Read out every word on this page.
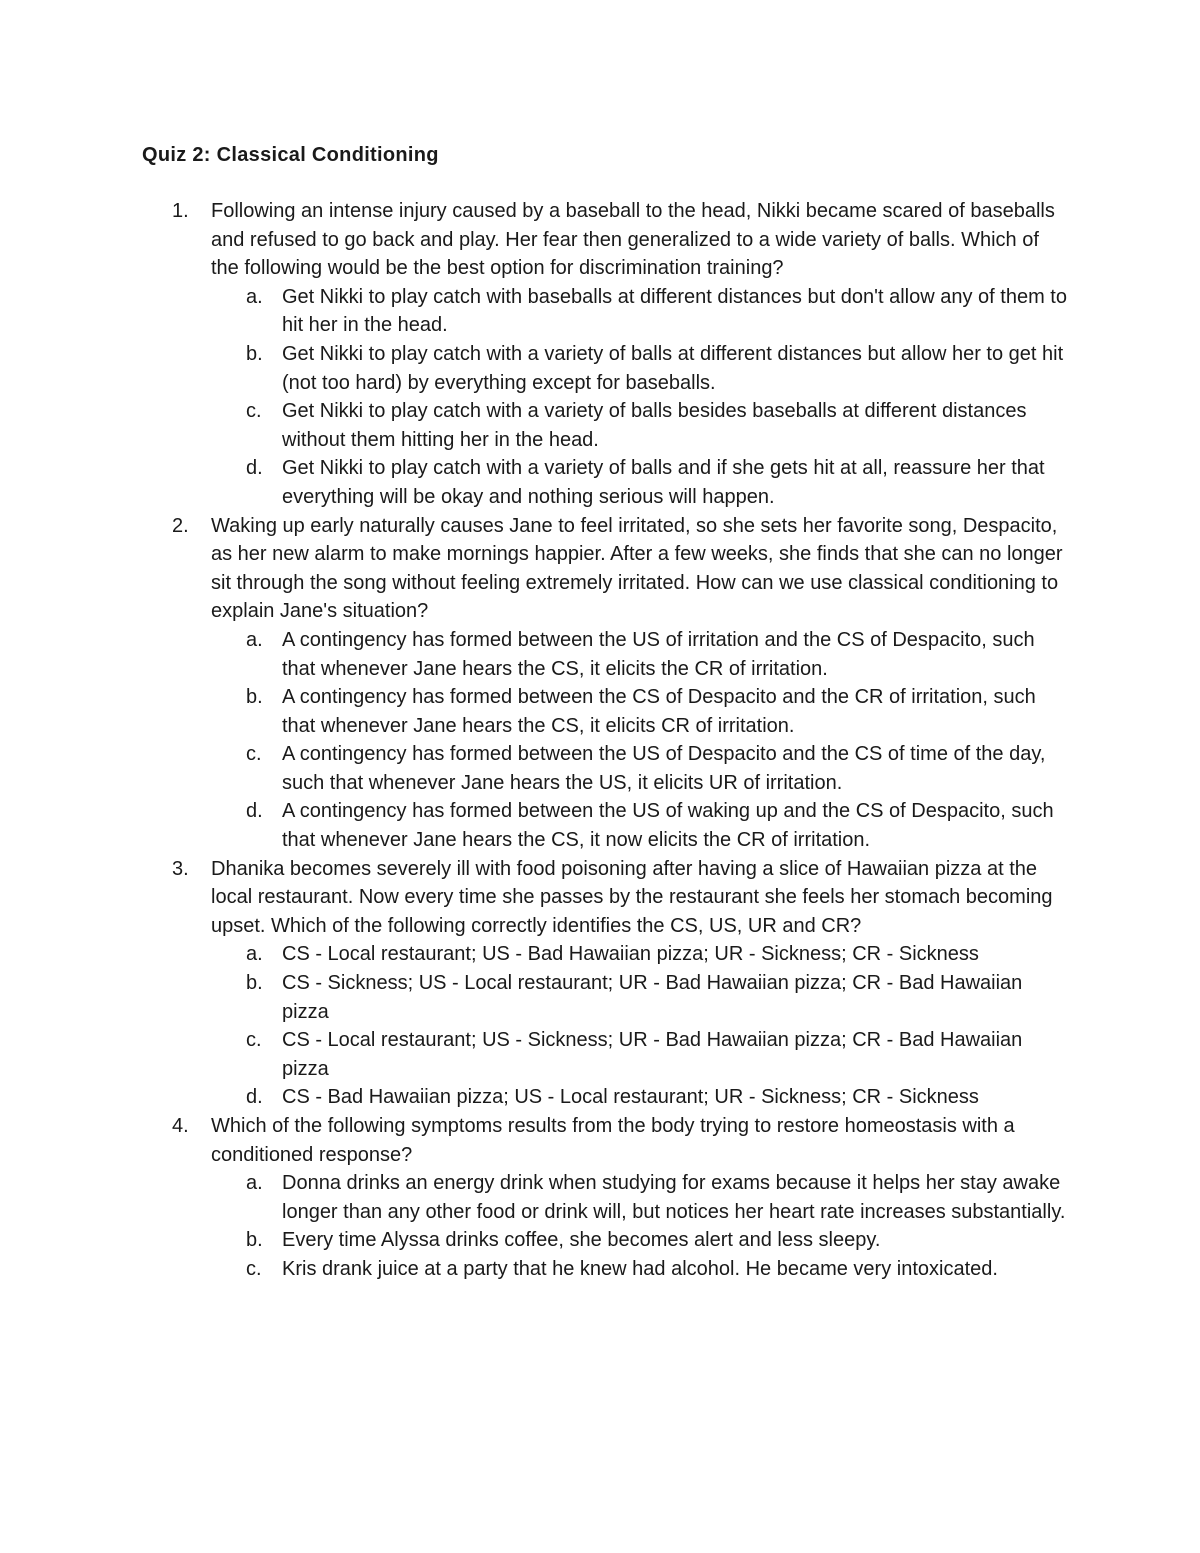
Quiz 2: Classical Conditioning
1. Following an intense injury caused by a baseball to the head, Nikki became scared of baseballs and refused to go back and play. Her fear then generalized to a wide variety of balls. Which of the following would be the best option for discrimination training?
a. Get Nikki to play catch with baseballs at different distances but don't allow any of them to hit her in the head.
b. Get Nikki to play catch with a variety of balls at different distances but allow her to get hit (not too hard) by everything except for baseballs.
c. Get Nikki to play catch with a variety of balls besides baseballs at different distances without them hitting her in the head.
d. Get Nikki to play catch with a variety of balls and if she gets hit at all, reassure her that everything will be okay and nothing serious will happen.
2. Waking up early naturally causes Jane to feel irritated, so she sets her favorite song, Despacito, as her new alarm to make mornings happier. After a few weeks, she finds that she can no longer sit through the song without feeling extremely irritated. How can we use classical conditioning to explain Jane's situation?
a. A contingency has formed between the US of irritation and the CS of Despacito, such that whenever Jane hears the CS, it elicits the CR of irritation.
b. A contingency has formed between the CS of Despacito and the CR of irritation, such that whenever Jane hears the CS, it elicits CR of irritation.
c. A contingency has formed between the US of Despacito and the CS of time of the day, such that whenever Jane hears the US, it elicits UR of irritation.
d. A contingency has formed between the US of waking up and the CS of Despacito, such that whenever Jane hears the CS, it now elicits the CR of irritation.
3. Dhanika becomes severely ill with food poisoning after having a slice of Hawaiian pizza at the local restaurant. Now every time she passes by the restaurant she feels her stomach becoming upset. Which of the following correctly identifies the CS, US, UR and CR?
a. CS - Local restaurant; US - Bad Hawaiian pizza; UR - Sickness; CR - Sickness
b. CS - Sickness; US - Local restaurant; UR - Bad Hawaiian pizza; CR - Bad Hawaiian pizza
c. CS - Local restaurant; US - Sickness; UR - Bad Hawaiian pizza; CR - Bad Hawaiian pizza
d. CS - Bad Hawaiian pizza; US - Local restaurant; UR - Sickness; CR - Sickness
4. Which of the following symptoms results from the body trying to restore homeostasis with a conditioned response?
a. Donna drinks an energy drink when studying for exams because it helps her stay awake longer than any other food or drink will, but notices her heart rate increases substantially.
b. Every time Alyssa drinks coffee, she becomes alert and less sleepy.
c. Kris drank juice at a party that he knew had alcohol. He became very intoxicated.
